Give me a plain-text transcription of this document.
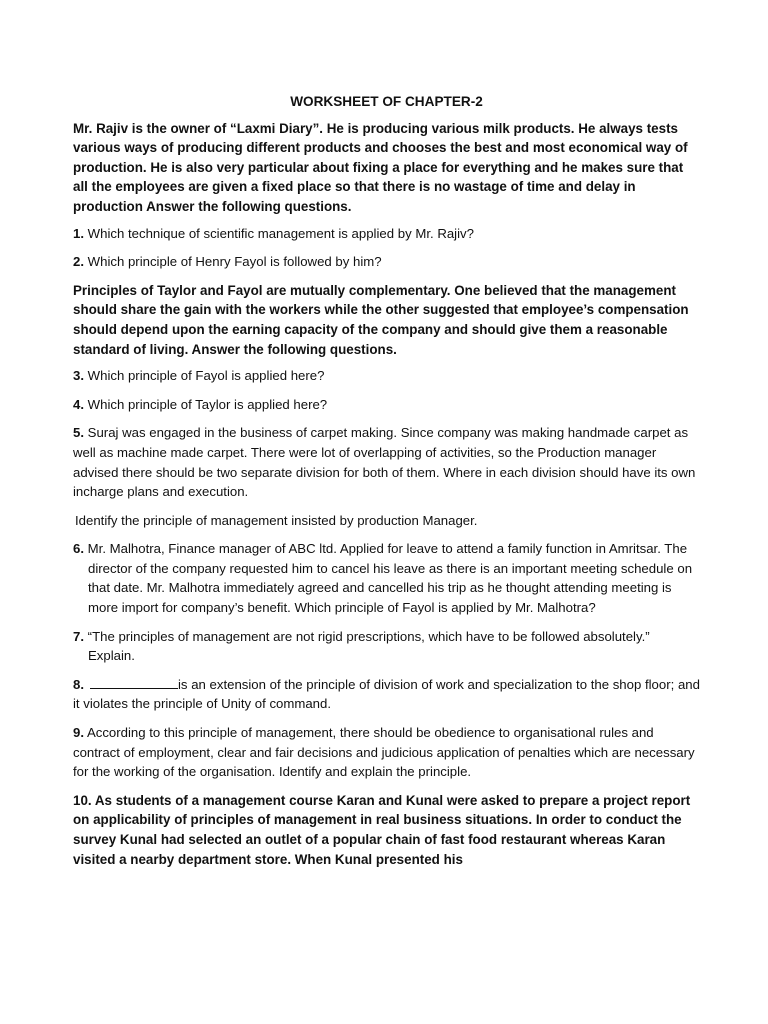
WORKSHEET OF CHAPTER-2
Mr. Rajiv is the owner of “Laxmi Diary”. He is producing various milk products. He always tests various ways of producing different products and chooses the best and most economical way of production. He is also very particular about fixing a place for everything and he makes sure that all the employees are given a fixed place so that there is no wastage of time and delay in production Answer the following questions.
1. Which technique of scientific management is applied by Mr. Rajiv?
2. Which principle of Henry Fayol is followed by him?
Principles of Taylor and Fayol are mutually complementary. One believed that the management should share the gain with the workers while the other suggested that employee’s compensation should depend upon the earning capacity of the company and should give them a reasonable standard of living. Answer the following questions.
3. Which principle of Fayol is applied here?
4. Which principle of Taylor is applied here?
5. Suraj was engaged in the business of carpet making. Since company was making handmade carpet as well as machine made carpet. There were lot of overlapping of activities, so the Production manager advised there should be two separate division for both of them. Where in each division should have its own incharge plans and execution.
Identify the principle of management insisted by production Manager.
6. Mr. Malhotra, Finance manager of ABC ltd. Applied for leave to attend a family function in Amritsar. The director of the company requested him to cancel his leave as there is an important meeting schedule on that date. Mr. Malhotra immediately agreed and cancelled his trip as he thought attending meeting is more import for company’s benefit. Which principle of Fayol is applied by Mr. Malhotra?
7. “The principles of management are not rigid prescriptions, which have to be followed absolutely.” Explain.
8.	is an extension of the principle of division of work and specialization to the shop floor; and it violates the principle of Unity of command.
9. According to this principle of management, there should be obedience to organisational rules and contract of employment, clear and fair decisions and judicious application of penalties which are necessary for the working of the organisation. Identify and explain the principle.
10. As students of a management course Karan and Kunal were asked to prepare a project report on applicability of principles of management in real business situations. In order to conduct the survey Kunal had selected an outlet of a popular chain of fast food restaurant whereas Karan visited a nearby department store. When Kunal presented his
